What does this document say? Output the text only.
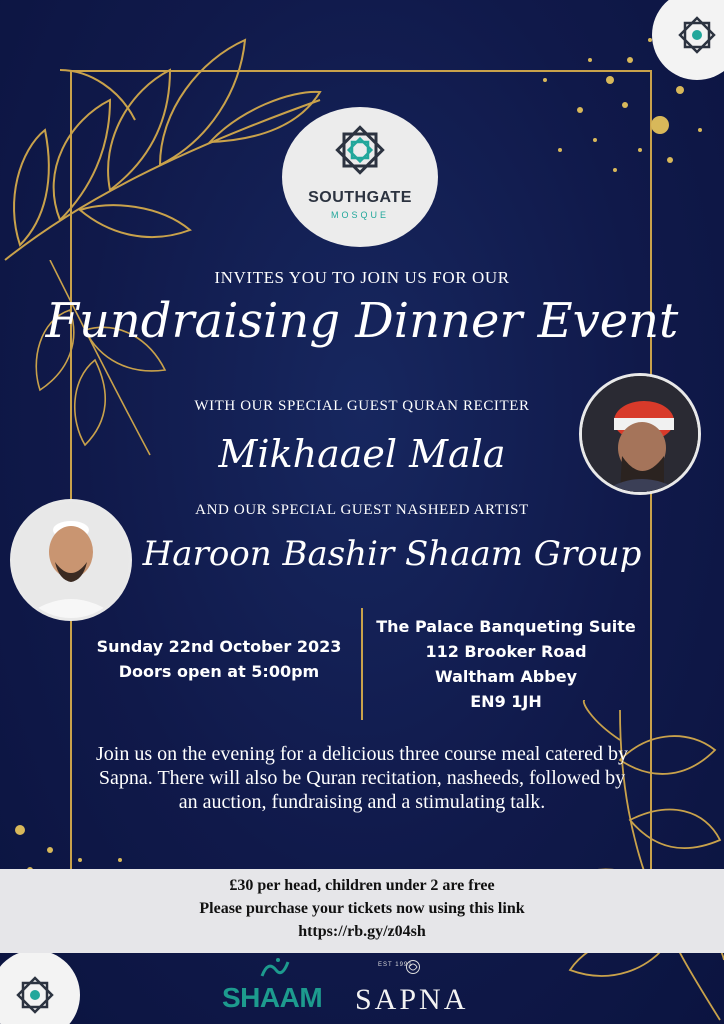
SOUTHGATE
MOSQUE
INVITES YOU TO JOIN US FOR OUR
Fundraising Dinner Event
WITH OUR SPECIAL GUEST QURAN RECITER
Mikhaael Mala
AND OUR SPECIAL GUEST NASHEED ARTIST
Haroon Bashir Shaam Group
Sunday 22nd October 2023
Doors open at 5:00pm
The Palace Banqueting Suite
112 Brooker Road
Waltham Abbey
EN9 1JH
Join us on the evening for a delicious three course meal catered by Sapna. There will also be Quran recitation, nasheeds, followed by an auction, fundraising and a stimulating talk.
£30 per head, children under 2 are free
Please purchase your tickets now using this link
https://rb.gy/z04sh
SHAAM
EST 1991
SAPNA
